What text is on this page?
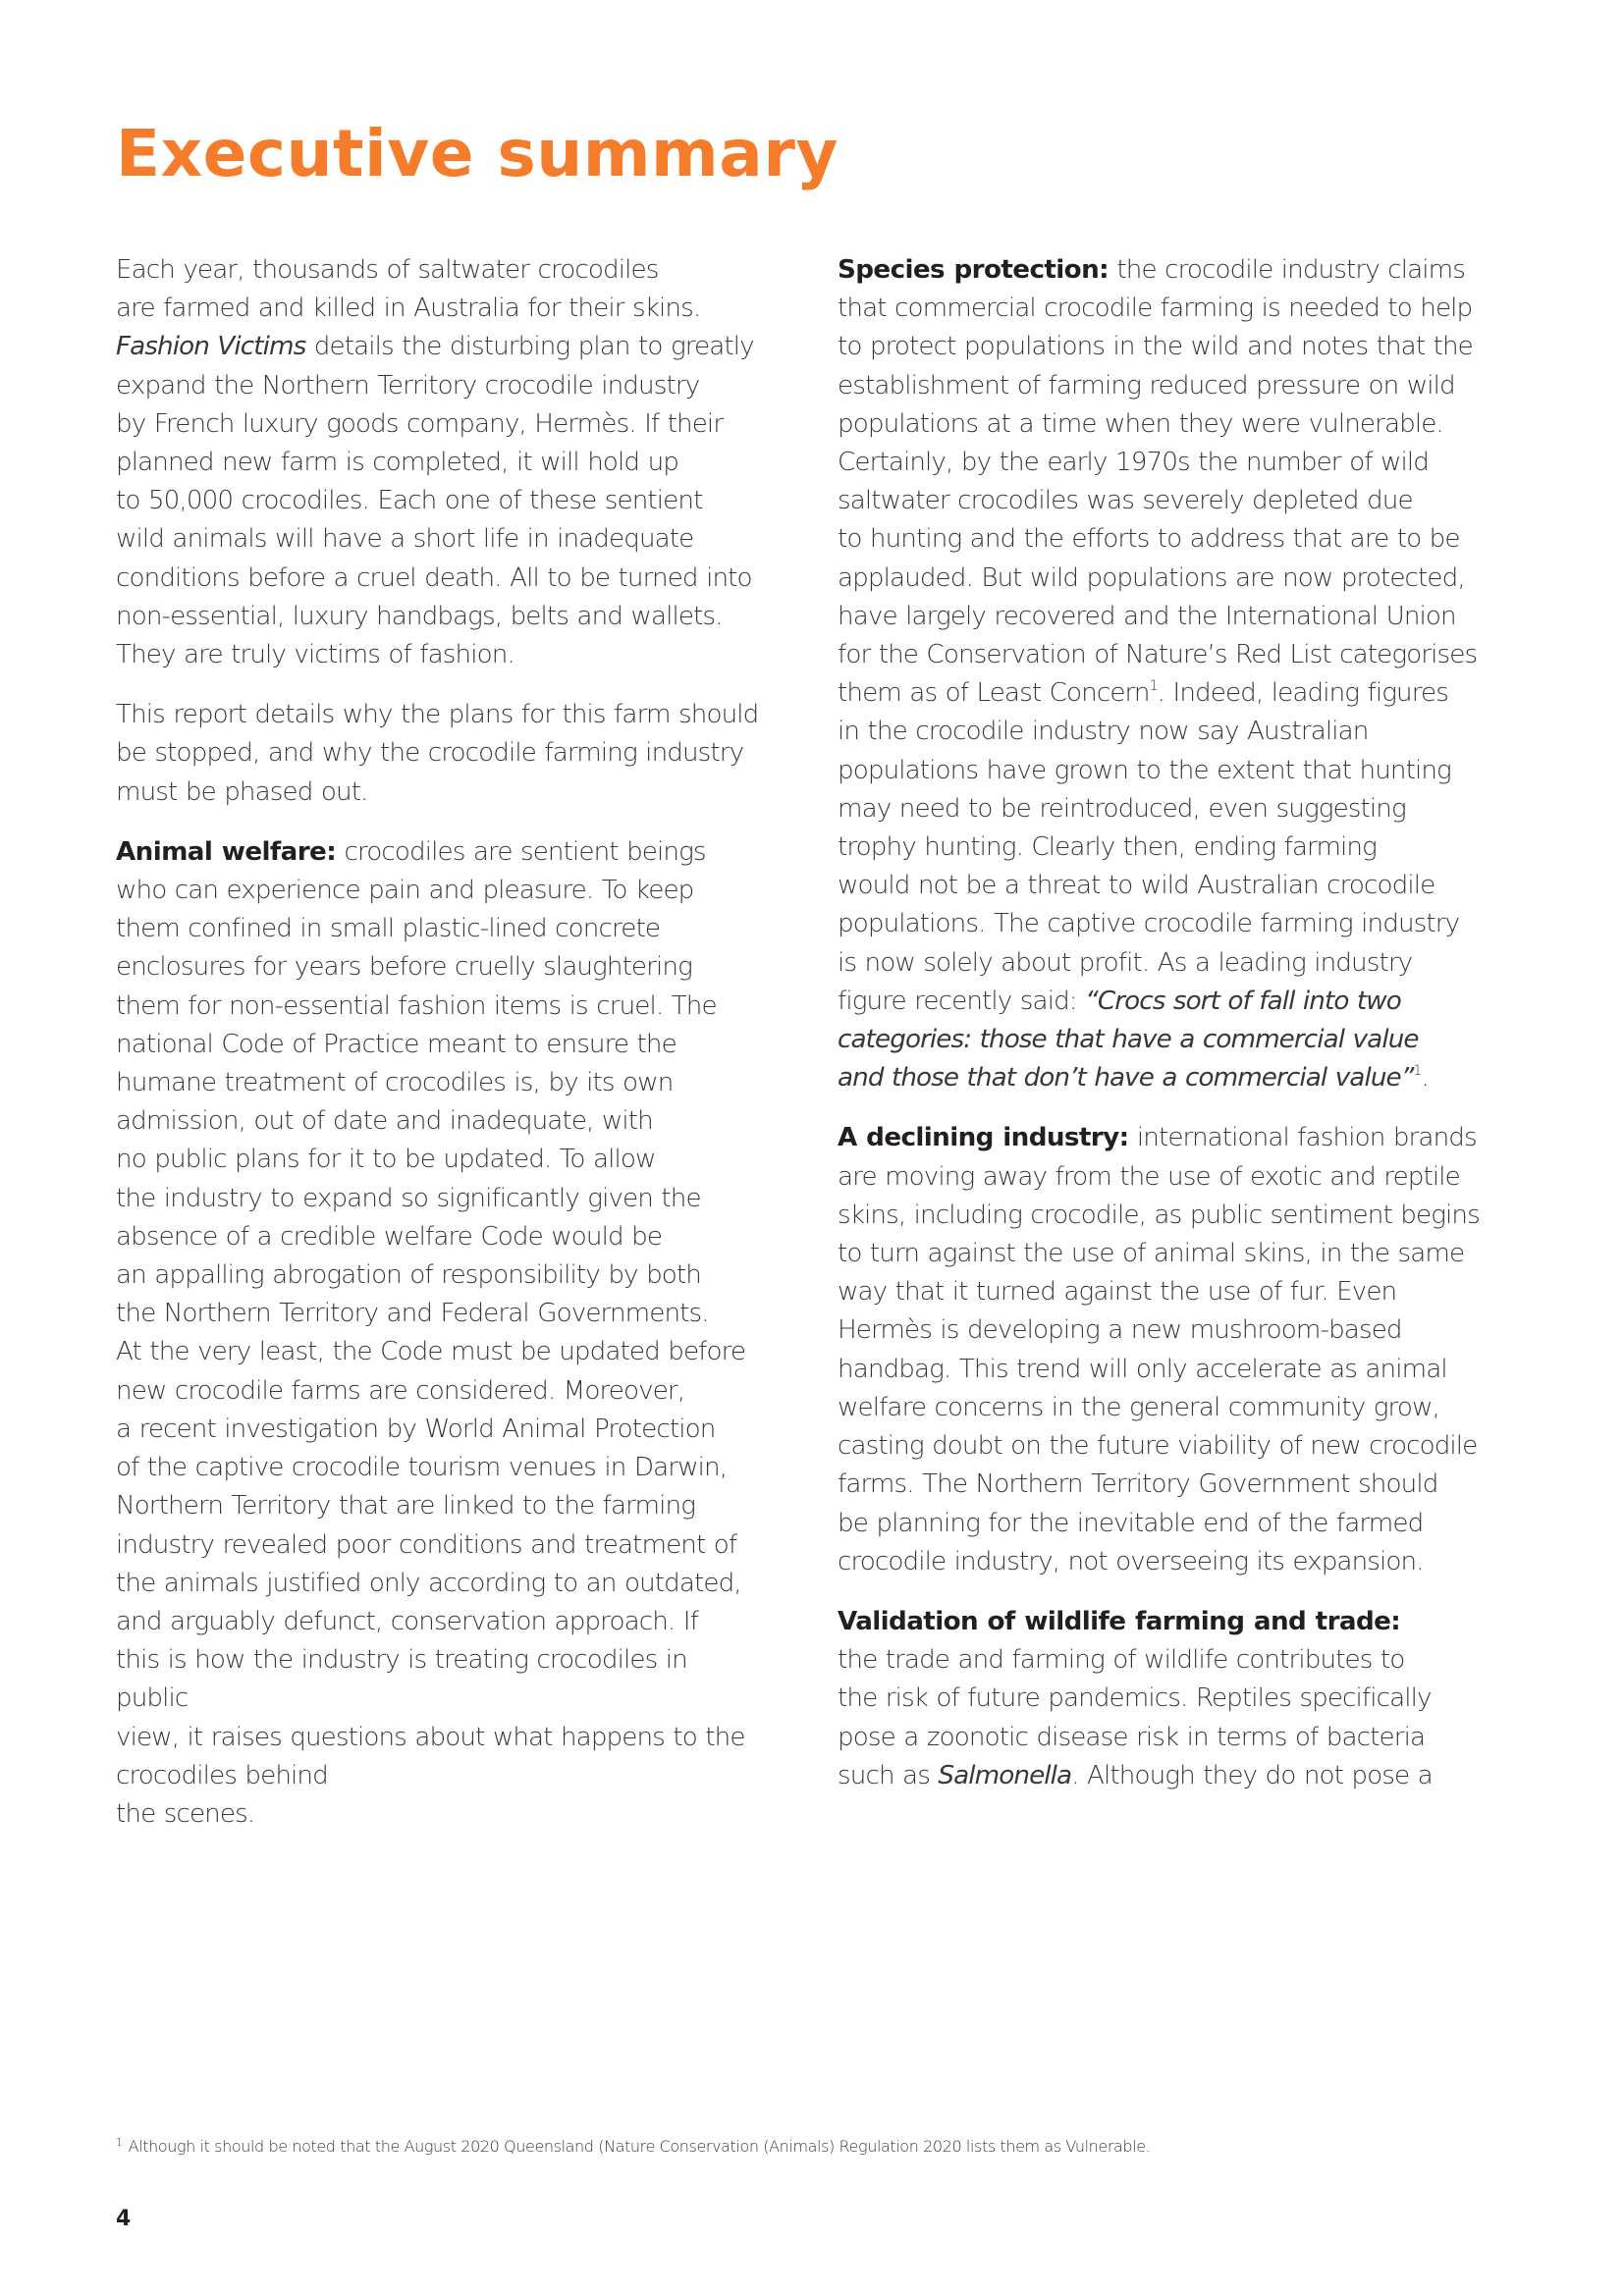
Executive summary

Each year, thousands of saltwater crocodiles
are farmed and killed in Australia for their skins.
Fashion Victims details the disturbing plan to greatly
expand the Northern Territory crocodile industry
by French luxury goods company, Hermès. If their
planned new farm is completed, it will hold up
to 50,000 crocodiles. Each one of these sentient
wild animals will have a short life in inadequate
conditions before a cruel death. All to be turned into
non-essential, luxury handbags, belts and wallets.
They are truly victims of fashion.

This report details why the plans for this farm should
be stopped, and why the crocodile farming industry
must be phased out.

Animal welfare: crocodiles are sentient beings
who can experience pain and pleasure. To keep
them confined in small plastic-lined concrete
enclosures for years before cruelly slaughtering
them for non-essential fashion items is cruel. The
national Code of Practice meant to ensure the
humane treatment of crocodiles is, by its own
admission, out of date and inadequate, with
no public plans for it to be updated. To allow
the industry to expand so significantly given the
absence of a credible welfare Code would be
an appalling abrogation of responsibility by both
the Northern Territory and Federal Governments.
At the very least, the Code must be updated before
new crocodile farms are considered. Moreover,
a recent investigation by World Animal Protection
of the captive crocodile tourism venues in Darwin,
Northern Territory that are linked to the farming
industry revealed poor conditions and treatment of
the animals justified only according to an outdated,
and arguably defunct, conservation approach. If
this is how the industry is treating crocodiles in public
view, it raises questions about what happens to the
crocodiles behind
the scenes.

Species protection: the crocodile industry claims
that commercial crocodile farming is needed to help
to protect populations in the wild and notes that the
establishment of farming reduced pressure on wild
populations at a time when they were vulnerable.
Certainly, by the early 1970s the number of wild
saltwater crocodiles was severely depleted due
to hunting and the efforts to address that are to be
applauded. But wild populations are now protected,
have largely recovered and the International Union
for the Conservation of Nature’s Red List categorises
them as of Least Concern$^1$. Indeed, leading figures
in the crocodile industry now say Australian
populations have grown to the extent that hunting
may need to be reintroduced, even suggesting
trophy hunting. Clearly then, ending farming
would not be a threat to wild Australian crocodile
populations. The captive crocodile farming industry
is now solely about profit. As a leading industry
figure recently said: “Crocs sort of fall into two
categories: those that have a commercial value
and those that don’t have a commercial value”$^1$.

A declining industry: international fashion brands
are moving away from the use of exotic and reptile
skins, including crocodile, as public sentiment begins
to turn against the use of animal skins, in the same
way that it turned against the use of fur. Even
Hermès is developing a new mushroom-based
handbag. This trend will only accelerate as animal
welfare concerns in the general community grow,
casting doubt on the future viability of new crocodile
farms. The Northern Territory Government should
be planning for the inevitable end of the farmed
crocodile industry, not overseeing its expansion.

Validation of wildlife farming and trade:
the trade and farming of wildlife contributes to
the risk of future pandemics. Reptiles specifically
pose a zoonotic disease risk in terms of bacteria
such as Salmonella. Although they do not pose a

$^1$ Although it should be noted that the August 2020 Queensland (Nature Conservation (Animals) Regulation 2020 lists them as Vulnerable.
4
